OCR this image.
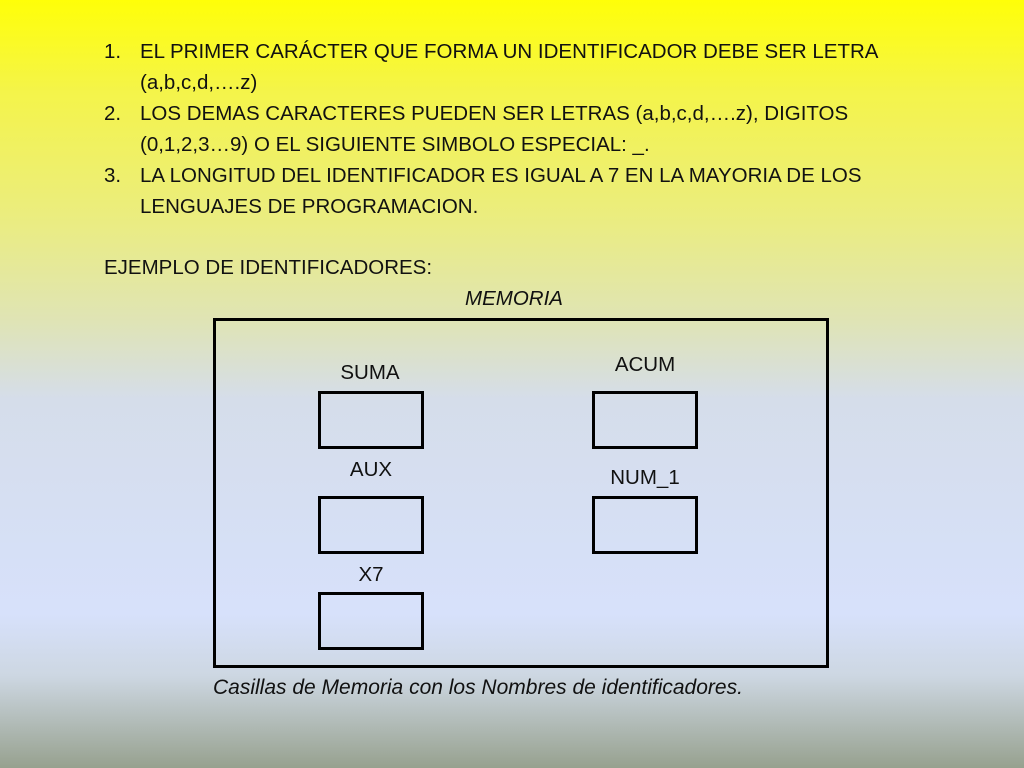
1. EL PRIMER CARÁCTER QUE FORMA UN IDENTIFICADOR DEBE SER LETRA (a,b,c,d,….z)
2. LOS DEMAS CARACTERES PUEDEN SER LETRAS (a,b,c,d,….z), DIGITOS (0,1,2,3…9) O EL SIGUIENTE SIMBOLO ESPECIAL: _.
3. LA LONGITUD DEL IDENTIFICADOR ES IGUAL A 7 EN LA MAYORIA DE LOS LENGUAJES DE PROGRAMACION.
EJEMPLO DE IDENTIFICADORES:
MEMORIA
SUMA
AUX
X7
ACUM
NUM_1
Casillas de Memoria con los Nombres de identificadores.
